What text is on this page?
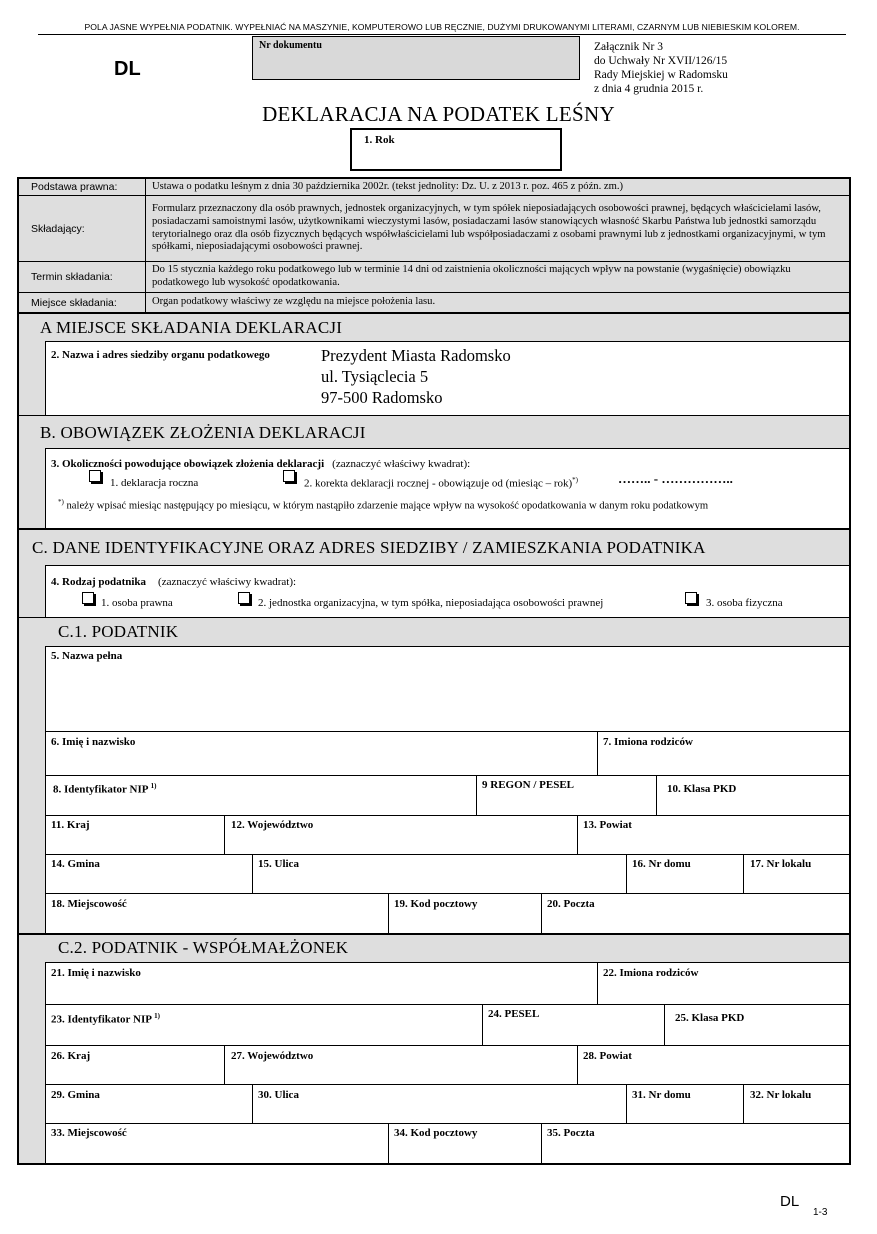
POLA JASNE WYPEŁNIA PODATNIK. WYPEŁNIAĆ NA MASZYNIE, KOMPUTEROWO LUB RĘCZNIE, DUŻYMI DRUKOWANYMI LITERAMI, CZARNYM LUB NIEBIESKIM KOLOREM.
DL
Nr dokumentu	Załącznik Nr 3
do Uchwały Nr XVII/126/15
Rady Miejskiej w Radomsku
z dnia 4 grudnia 2015 r.
DEKLARACJA NA PODATEK LEŚNY
1. Rok
Podstawa prawna:	Ustawa o podatku leśnym z dnia 30 października 2002r. (tekst jednolity: Dz. U. z 2013 r. poz. 465 z późn. zm.)
Składający:
Formularz przeznaczony dla osób prawnych, jednostek organizacyjnych, w tym spółek nieposiadających osobowości prawnej, będących właścicielami lasów, posiadaczami samoistnymi lasów, użytkownikami wieczystymi lasów, posiadaczami lasów stanowiących własność Skarbu Państwa lub jednostki samorządu terytorialnego oraz dla osób fizycznych będących współwłaścicielami lub współposiadaczami z osobami prawnymi lub z jednostkami organizacyjnymi, w tym spółkami, nieposiadającymi osobowości prawnej.
Termin składania:
Do 15 stycznia każdego roku podatkowego lub w terminie 14 dni od zaistnienia okoliczności mających wpływ na powstanie (wygaśnięcie) obowiązku podatkowego lub wysokość opodatkowania.
Miejsce składania:	Organ podatkowy właściwy ze względu na miejsce położenia lasu.
A MIEJSCE SKŁADANIA DEKLARACJI
2. Nazwa i adres siedziby organu podatkowego	Prezydent Miasta Radomsko
ul. Tysiąclecia 5
97-500 Radomsko
B. OBOWIĄZEK ZŁOŻENIA DEKLARACJI
3. Okoliczności powodujące obowiązek złożenia deklaracji (zaznaczyć właściwy kwadrat):
1. deklaracja roczna	2. korekta deklaracji rocznej - obowiązuje od (miesiąc – rok)*)	…….. - ……………..
*) należy wpisać miesiąc następujący po miesiącu, w którym nastąpiło zdarzenie mające wpływ na wysokość opodatkowania w danym roku podatkowym
C. DANE IDENTYFIKACYJNE ORAZ ADRES SIEDZIBY / ZAMIESZKANIA PODATNIKA
4. Rodzaj podatnika (zaznaczyć właściwy kwadrat):
1. osoba prawna	2. jednostka organizacyjna, w tym spółka, nieposiadająca osobowości prawnej	3. osoba fizyczna
C.1. PODATNIK
5. Nazwa pełna
6. Imię i nazwisko	7. Imiona rodziców
8. Identyfikator NIP $^{1)}$	9 REGON / PESEL	10. Klasa PKD
11. Kraj	12. Województwo	13. Powiat
14. Gmina	15. Ulica	16. Nr domu	17. Nr lokalu
18. Miejscowość	19. Kod pocztowy	20. Poczta
C.2. PODATNIK - WSPÓŁMAŁŻONEK
21. Imię i nazwisko	22. Imiona rodziców
23. Identyfikator NIP $^{1)}$	24. PESEL	25. Klasa PKD
26. Kraj	27. Województwo	28. Powiat
29. Gmina	30. Ulica	31. Nr domu	32. Nr lokalu
33. Miejscowość	34. Kod pocztowy	35. Poczta
DL
1-3
